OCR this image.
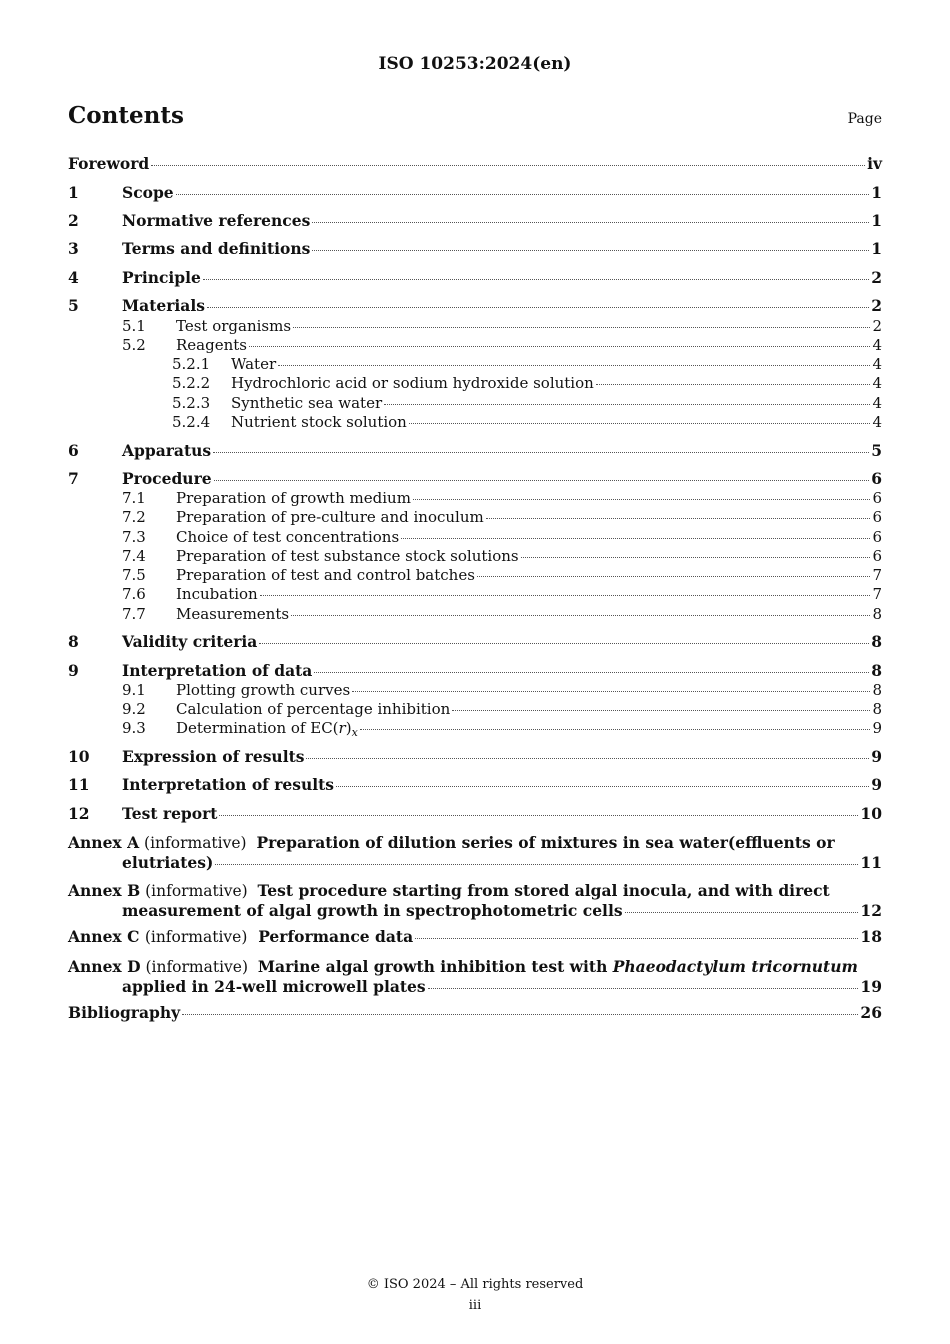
ISO 10253:2024(en)
Contents	Page
Foreword	iv
1	Scope	1
2	Normative references	1
3	Terms and definitions	1
4	Principle	2
5	Materials	2
5.1	Test organisms	2
5.2	Reagents	4
5.2.1	Water	4
5.2.2	Hydrochloric acid or sodium hydroxide solution	4
5.2.3	Synthetic sea water	4
5.2.4	Nutrient stock solution	4
6	Apparatus	5
7	Procedure	6
7.1	Preparation of growth medium	6
7.2	Preparation of pre-culture and inoculum	6
7.3	Choice of test concentrations	6
7.4	Preparation of test substance stock solutions	6
7.5	Preparation of test and control batches	7
7.6	Incubation	7
7.7	Measurements	8
8	Validity criteria	8
9	Interpretation of data	8
9.1	Plotting growth curves	8
9.2	Calculation of percentage inhibition	8
9.3	Determination of $EC(r)_x$	9
10	Expression of results	9
11	Interpretation of results	9
12	Test report	10
Annex A (informative) Preparation of dilution series of mixtures in sea water(effluents or
elutriates)	11
Annex B (informative) Test procedure starting from stored algal inocula, and with direct
measurement of algal growth in spectrophotometric cells	12
Annex C (informative) Performance data	18
Annex D (informative) Marine algal growth inhibition test with Phaeodactylum tricornutum
applied in 24-well microwell plates	19
Bibliography	26
© ISO 2024 – All rights reserved
iii
